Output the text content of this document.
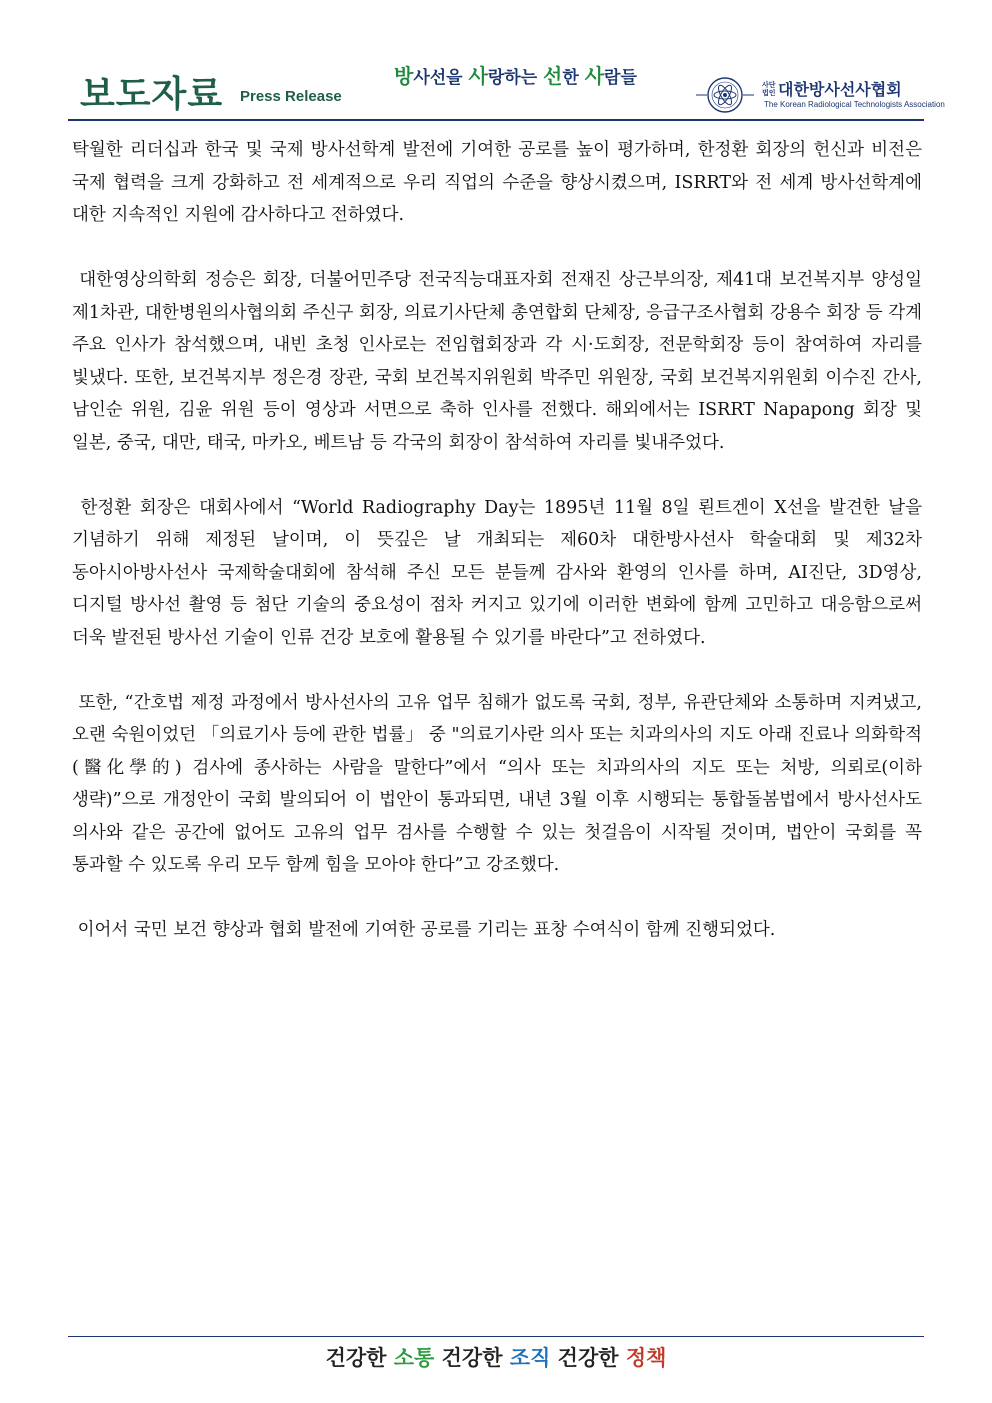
보도자료 Press Release
방사선을 사랑하는 선한 사람들	사단법인 대한방사선사협회
The Korean Radiological Technologists Association

탁월한 리더십과 한국 및 국제 방사선학계 발전에 기여한 공로를 높이 평가하며, 한정환 회장의 헌신과 비전은 국제 협력을 크게 강화하고 전 세계적으로 우리 직업의 수준을 향상시켰으며, ISRRT와 전 세계 방사선학계에 대한 지속적인 지원에 감사하다고 전하였다.

대한영상의학회 정승은 회장, 더불어민주당 전국직능대표자회 전재진 상근부의장, 제41대 보건복지부 양성일 제1차관, 대한병원의사협의회 주신구 회장, 의료기사단체 총연합회 단체장, 응급구조사협회 강용수 회장 등 각계 주요 인사가 참석했으며, 내빈 초청 인사로는 전임협회장과 각 시·도회장, 전문학회장 등이 참여하여 자리를 빛냈다. 또한, 보건복지부 정은경 장관, 국회 보건복지위원회 박주민 위원장, 국회 보건복지위원회 이수진 간사, 남인순 위원, 김윤 위원 등이 영상과 서면으로 축하 인사를 전했다. 해외에서는 ISRRT Napapong 회장 및 일본, 중국, 대만, 태국, 마카오, 베트남 등 각국의 회장이 참석하여 자리를 빛내주었다.

한정환 회장은 대회사에서 “World Radiography Day는 1895년 11월 8일 뢴트겐이 X선을 발견한 날을 기념하기 위해 제정된 날이며, 이 뜻깊은 날 개최되는 제60차 대한방사선사 학술대회 및 제32차 동아시아방사선사 국제학술대회에 참석해 주신 모든 분들께 감사와 환영의 인사를 하며, AI진단, 3D영상, 디지털 방사선 촬영 등 첨단 기술의 중요성이 점차 커지고 있기에 이러한 변화에 함께 고민하고 대응함으로써 더욱 발전된 방사선 기술이 인류 건강 보호에 활용될 수 있기를 바란다”고 전하였다.

또한, “간호법 제정 과정에서 방사선사의 고유 업무 침해가 없도록 국회, 정부, 유관단체와 소통하며 지켜냈고, 오랜 숙원이었던 「의료기사 등에 관한 법률」 중 "의료기사란 의사 또는 치과의사의 지도 아래 진료나 의화학적(醫化學的) 검사에 종사하는 사람을 말한다”에서 “의사 또는 치과의사의 지도 또는 처방, 의뢰로(이하 생략)”으로 개정안이 국회 발의되어 이 법안이 통과되면, 내년 3월 이후 시행되는 통합돌봄법에서 방사선사도 의사와 같은 공간에 없어도 고유의 업무 검사를 수행할 수 있는 첫걸음이 시작될 것이며, 법안이 국회를 꼭 통과할 수 있도록 우리 모두 함께 힘을 모아야 한다”고 강조했다.

이어서 국민 보건 향상과 협회 발전에 기여한 공로를 기리는 표창 수여식이 함께 진행되었다.

건강한 소통 건강한 조직 건강한 정책
